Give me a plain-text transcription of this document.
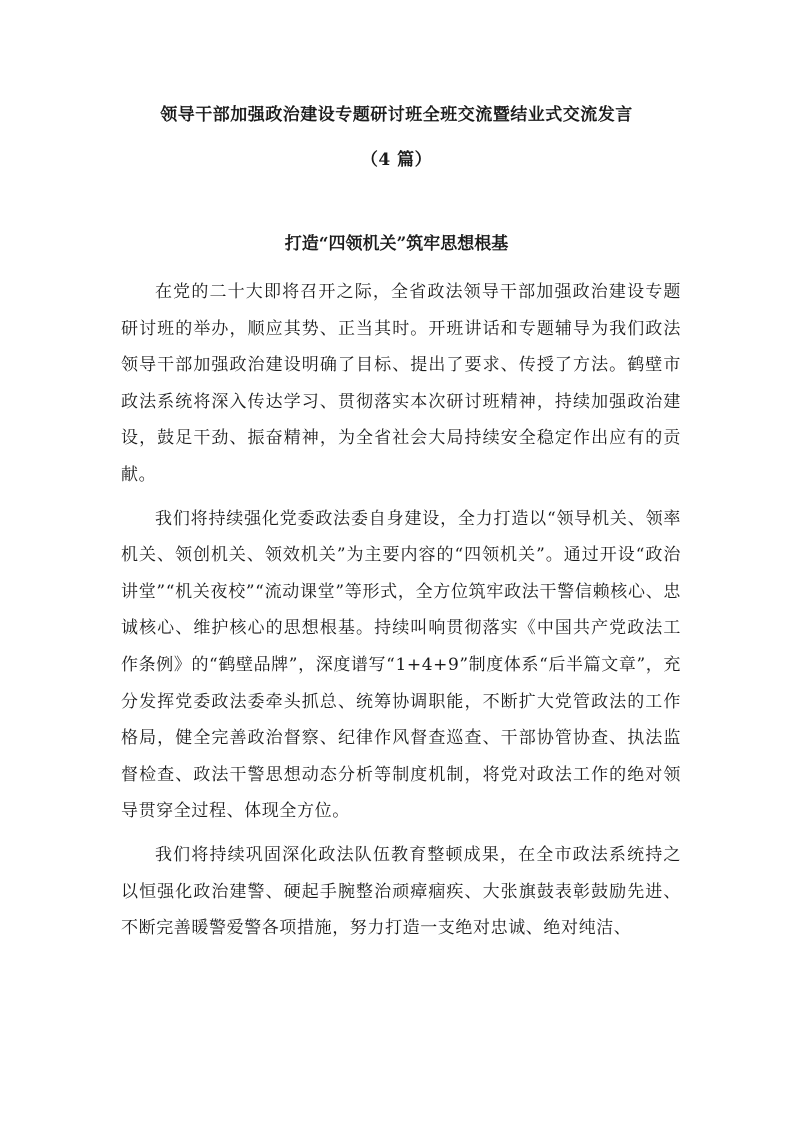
领导干部加强政治建设专题研讨班全班交流暨结业式交流发言
（4 篇）
打造“四领机关”筑牢思想根基

在党的二十大即将召开之际，全省政法领导干部加强政治建设专题研讨班的举办，顺应其势、正当其时。开班讲话和专题辅导为我们政法领导干部加强政治建设明确了目标、提出了要求、传授了方法。鹤壁市政法系统将深入传达学习、贯彻落实本次研讨班精神，持续加强政治建设，鼓足干劲、振奋精神，为全省社会大局持续安全稳定作出应有的贡献。

我们将持续强化党委政法委自身建设，全力打造以“领导机关、领率机关、领创机关、领效机关”为主要内容的“四领机关”。通过开设“政治讲堂”“机关夜校”“流动课堂”等形式，全方位筑牢政法干警信赖核心、忠诚核心、维护核心的思想根基。持续叫响贯彻落实《中国共产党政法工作条例》的“鹤壁品牌”，深度谱写“1+4+9”制度体系“后半篇文章”，充分发挥党委政法委牵头抓总、统筹协调职能，不断扩大党管政法的工作格局，健全完善政治督察、纪律作风督查巡查、干部协管协查、执法监督检查、政法干警思想动态分析等制度机制，将党对政法工作的绝对领导贯穿全过程、体现全方位。

我们将持续巩固深化政法队伍教育整顿成果，在全市政法系统持之以恒强化政治建警、硬起手腕整治顽瘴痼疾、大张旗鼓表彰鼓励先进、不断完善暖警爱警各项措施，努力打造一支绝对忠诚、绝对纯洁、
